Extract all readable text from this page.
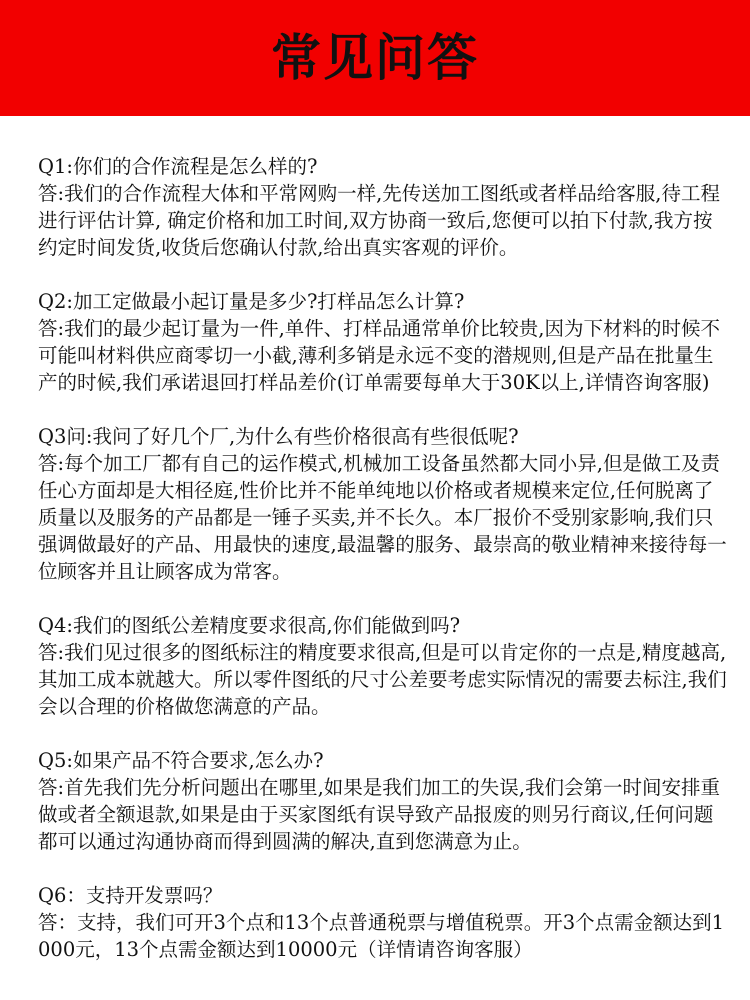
常见问答

Q1:你们的合作流程是怎么样的?

答:我们的合作流程大体和平常网购一样,先传送加工图纸或者样品给客服,待工程进行评估计算, 确定价格和加工时间,双方协商一致后,您便可以拍下付款,我方按约定时间发货,收货后您确认付款,给出真实客观的评价。

Q2:加工定做最小起订量是多少?打样品怎么计算?

答:我们的最少起订量为一件,单件、打样品通常单价比较贵,因为下材料的时候不可能叫材料供应商零切一小截,薄利多销是永远不变的潜规则,但是产品在批量生产的时候,我们承诺退回打样品差价(订单需要每单大于30K以上,详情咨询客服)

Q3问:我问了好几个厂,为什么有些价格很高有些很低呢?

答:每个加工厂都有自己的运作模式,机械加工设备虽然都大同小异,但是做工及责任心方面却是大相径庭,性价比并不能单纯地以价格或者规模来定位,任何脱离了质量以及服务的产品都是一锤子买卖,并不长久。本厂报价不受别家影响,我们只强调做最好的产品、用最快的速度,最温馨的服务、最崇高的敬业精神来接待每一位顾客并且让顾客成为常客。

Q4:我们的图纸公差精度要求很高,你们能做到吗?

答:我们见过很多的图纸标注的精度要求很高,但是可以肯定你的一点是,精度越高,其加工成本就越大。所以零件图纸的尺寸公差要考虑实际情况的需要去标注,我们会以合理的价格做您满意的产品。

Q5:如果产品不符合要求,怎么办?

答:首先我们先分析问题出在哪里,如果是我们加工的失误,我们会第一时间安排重做或者全额退款,如果是由于买家图纸有误导致产品报废的则另行商议,任何问题都可以通过沟通协商而得到圆满的解决,直到您满意为止。

Q6：支持开发票吗？

答：支持，我们可开3个点和13个点普通税票与增值税票。开3个点需金额达到1000元，13个点需金额达到10000元（详情请咨询客服）
